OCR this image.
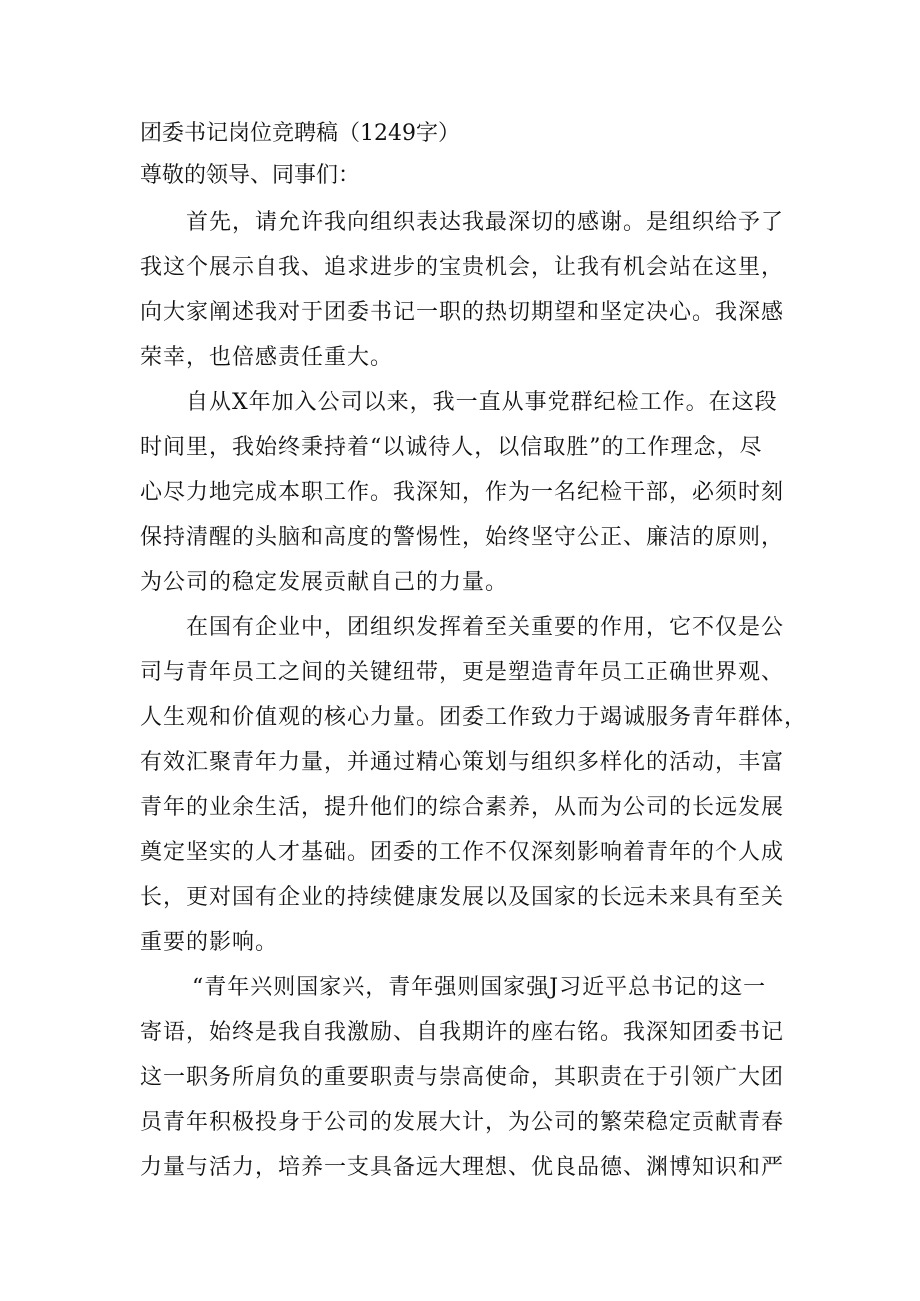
团委书记岗位竞聘稿（1249字）
尊敬的领导、同事们：
首先，请允许我向组织表达我最深切的感谢。是组织给予了
我这个展示自我、追求进步的宝贵机会，让我有机会站在这里，
向大家阐述我对于团委书记一职的热切期望和坚定决心。我深感
荣幸，也倍感责任重大。
自从X年加入公司以来，我一直从事党群纪检工作。在这段
时间里，我始终秉持着“以诚待人，以信取胜”的工作理念，尽
心尽力地完成本职工作。我深知，作为一名纪检干部，必须时刻
保持清醒的头脑和高度的警惕性，始终坚守公正、廉洁的原则，
为公司的稳定发展贡献自己的力量。
在国有企业中，团组织发挥着至关重要的作用，它不仅是公
司与青年员工之间的关键纽带，更是塑造青年员工正确世界观、
人生观和价值观的核心力量。团委工作致力于竭诚服务青年群体，
有效汇聚青年力量，并通过精心策划与组织多样化的活动，丰富
青年的业余生活，提升他们的综合素养，从而为公司的长远发展
奠定坚实的人才基础。团委的工作不仅深刻影响着青年的个人成
长，更对国有企业的持续健康发展以及国家的长远未来具有至关
重要的影响。
“青年兴则国家兴，青年强则国家强J习近平总书记的这一
寄语，始终是我自我激励、自我期许的座右铭。我深知团委书记
这一职务所肩负的重要职责与崇高使命，其职责在于引领广大团
员青年积极投身于公司的发展大计，为公司的繁荣稳定贡献青春
力量与活力，培养一支具备远大理想、优良品德、渊博知识和严
